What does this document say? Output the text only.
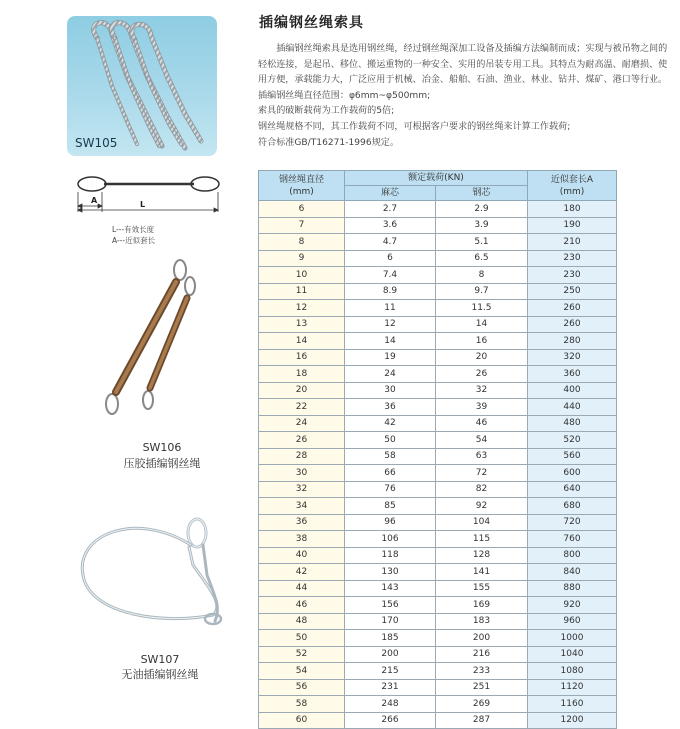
SW105
A	L
L---有效长度
A---近似套长
SW106
压胶插编钢丝绳
SW107
无油插编钢丝绳
插编钢丝绳索具

插编钢丝绳索具是选用钢丝绳，经过钢丝绳深加工设备及插编方法编制而成；实现与被吊物之间的轻松连接，是起吊、移位、搬运重物的一种安全、实用的吊装专用工具。其特点为耐高温、耐磨损、使用方便，承载能力大，广泛应用于机械、冶金、船舶、石油、渔业、林业、钻井、煤矿、港口等行业。

插编钢丝绳直径范围：φ6mm~φ500mm;

索具的破断载荷为工作载荷的5倍;

钢丝绳规格不同，其工作载荷不同，可根据客户要求的钢丝绳来计算工作载荷;

符合标准GB/T16271-1996规定。

钢丝绳直径
(mm)	额定载荷(KN)		近似套长A
(mm)
	麻芯	钢芯	
6	2.7	2.9	180
7	3.6	3.9	190
8	4.7	5.1	210
9	6	6.5	230
10	7.4	8	230
11	8.9	9.7	250
12	11	11.5	260
13	12	14	260
14	14	16	280
16	19	20	320
18	24	26	360
20	30	32	400
22	36	39	440
24	42	46	480
26	50	54	520
28	58	63	560
30	66	72	600
32	76	82	640
34	85	92	680
36	96	104	720
38	106	115	760
40	118	128	800
42	130	141	840
44	143	155	880
46	156	169	920
48	170	183	960
50	185	200	1000
52	200	216	1040
54	215	233	1080
56	231	251	1120
58	248	269	1160
60	266	287	1200
